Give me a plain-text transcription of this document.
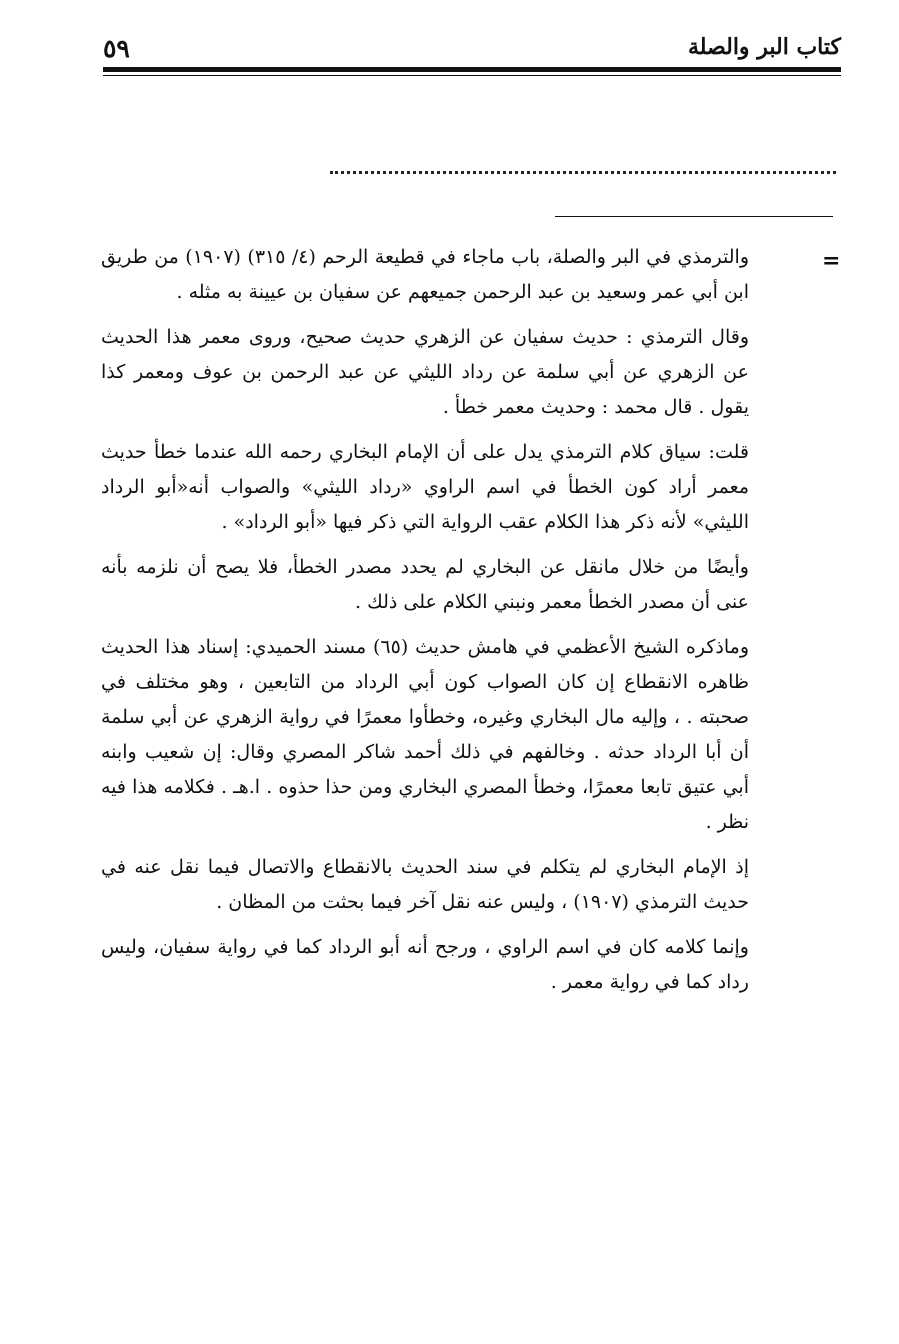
٥٩	كتاب البر والصلة
=

والترمذي في البر والصلة، باب ماجاء في قطيعة الرحم (٤/ ٣١٥) (١٩٠٧) من طريق ابن أبي عمر وسعيد بن عبد الرحمن جميعهم عن سفيان بن عيينة به مثله .

وقال الترمذي : حديث سفيان عن الزهري حديث صحيح، وروى معمر هذا الحديث عن الزهري عن أبي سلمة عن رداد الليثي عن عبد الرحمن بن عوف ومعمر كذا يقول . قال محمد : وحديث معمر خطأ .

قلت: سياق كلام الترمذي يدل على أن الإمام البخاري رحمه الله عندما خطأ حديث معمر أراد كون الخطأ في اسم الراوي «رداد الليثي» والصواب أنه«أبو الرداد الليثي» لأنه ذكر هذا الكلام عقب الرواية التي ذكر فيها «أبو الرداد» .

وأيضًا من خلال مانقل عن البخاري لم يحدد مصدر الخطأ، فلا يصح أن نلزمه بأنه عنى أن مصدر الخطأ معمر ونبني الكلام على ذلك .

وماذكره الشيخ الأعظمي في هامش حديث (٦٥) مسند الحميدي: إسناد هذا الحديث ظاهره الانقطاع إن كان الصواب كون أبي الرداد من التابعين ، وهو مختلف في صحبته . ، وإليه مال البخاري وغيره، وخطأوا معمرًا في رواية الزهري عن أبي سلمة أن أبا الرداد حدثه . وخالفهم في ذلك أحمد شاكر المصري وقال: إن شعيب وابنه أبي عتيق تابعا معمرًا، وخطأ المصري البخاري ومن حذا حذوه . ا.هـ . فكلامه هذا فيه نظر .

إذ الإمام البخاري لم يتكلم في سند الحديث بالانقطاع والاتصال فيما نقل عنه في حديث الترمذي (١٩٠٧) ، وليس عنه نقل آخر فيما بحثت من المظان .

وإنما كلامه كان في اسم الراوي ، ورجح أنه أبو الرداد كما في رواية سفيان، وليس رداد كما في رواية معمر .
